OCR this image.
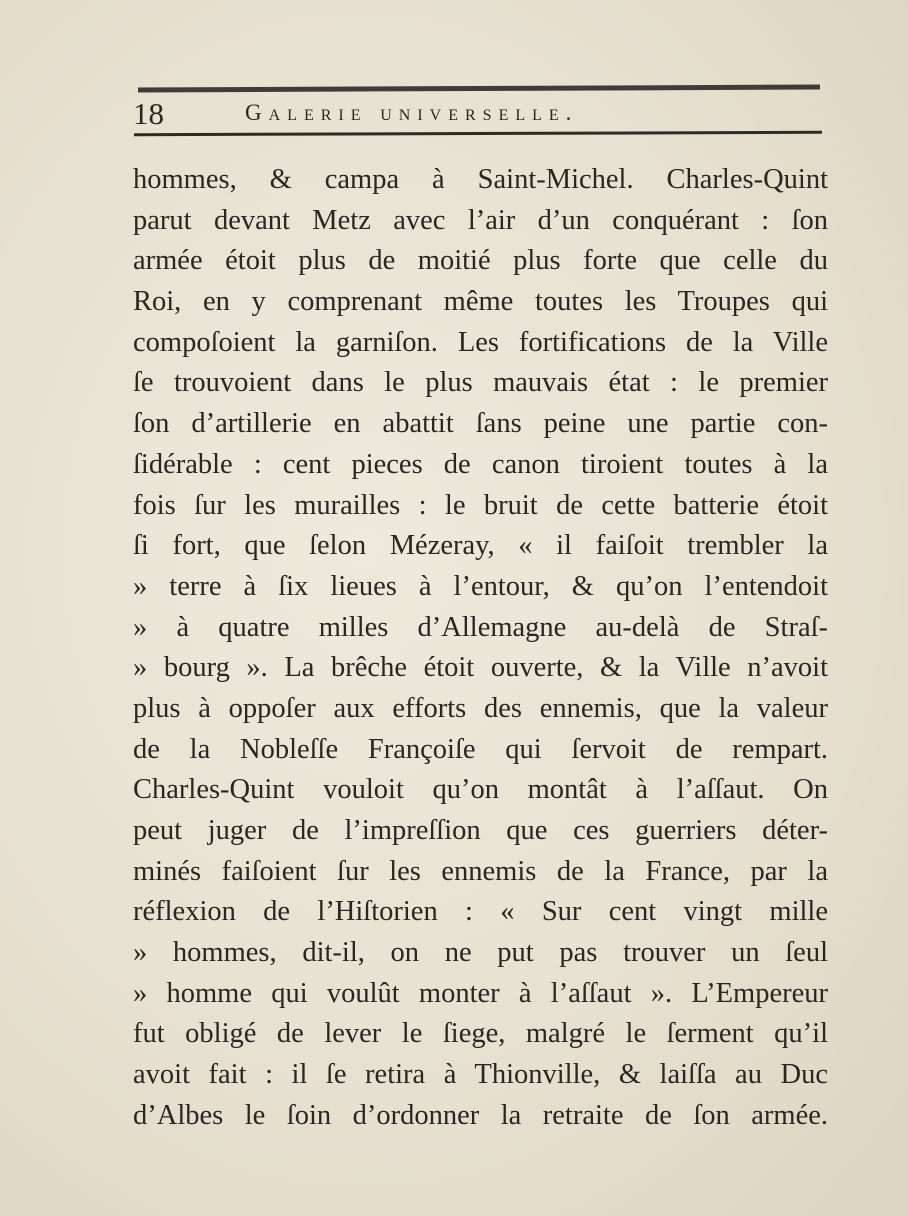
18	Galerie universelle.
hommes, & campa à Saint-Michel. Charles-Quint
parut devant Metz avec l’air d’un conquérant : ſon
armée étoit plus de moitié plus forte que celle du
Roi, en y comprenant même toutes les Troupes qui
compoſoient la garniſon. Les fortifications de la Ville
ſe trouvoient dans le plus mauvais état : le premier
ſon d’artillerie en abattit ſans peine une partie con-
ſidérable : cent pieces de canon tiroient toutes à la
fois ſur les murailles : le bruit de cette batterie étoit
ſi fort, que ſelon Mézeray, « il faiſoit trembler la
» terre à ſix lieues à l’entour, & qu’on l’entendoit
» à quatre milles d’Allemagne au-delà de Straſ-
» bourg ». La brêche étoit ouverte, & la Ville n’avoit
plus à oppoſer aux efforts des ennemis, que la valeur
de la Nobleſſe Françoiſe qui ſervoit de rempart.
Charles-Quint vouloit qu’on montât à l’aſſaut. On
peut juger de l’impreſſion que ces guerriers déter-
minés faiſoient ſur les ennemis de la France, par la
réflexion de l’Hiſtorien : « Sur cent vingt mille
» hommes, dit-il, on ne put pas trouver un ſeul
» homme qui voulût monter à l’aſſaut ». L’Empereur
fut obligé de lever le ſiege, malgré le ſerment qu’il
avoit fait : il ſe retira à Thionville, & laiſſa au Duc
d’Albes le ſoin d’ordonner la retraite de ſon armée.
